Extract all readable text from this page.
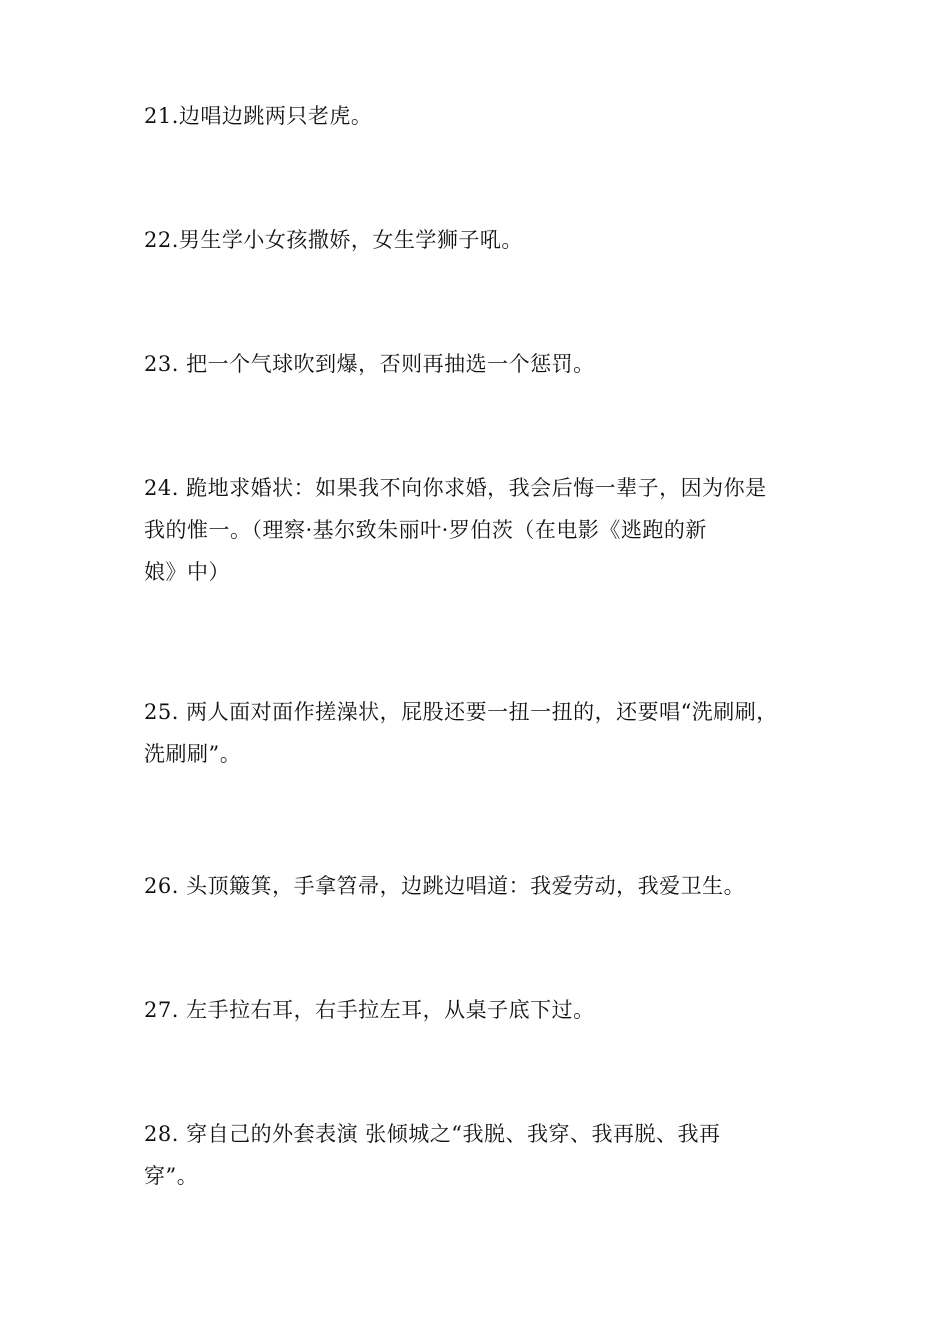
21.边唱边跳两只老虎。
22.男生学小女孩撒娇，女生学狮子吼。
23. 把一个气球吹到爆，否则再抽选一个惩罚。
24. 跪地求婚状：如果我不向你求婚，我会后悔一辈子，因为你是
我的惟一。（理察·基尔致朱丽叶·罗伯茨（在电影《逃跑的新
娘》中）
25. 两人面对面作搓澡状，屁股还要一扭一扭的，还要唱“洗刷刷，
洗刷刷”。
26. 头顶簸箕，手拿笤帚，边跳边唱道：我爱劳动，我爱卫生。
27. 左手拉右耳，右手拉左耳，从桌子底下过。
28. 穿自己的外套表演 张倾城之“我脱、我穿、我再脱、我再
穿”。
